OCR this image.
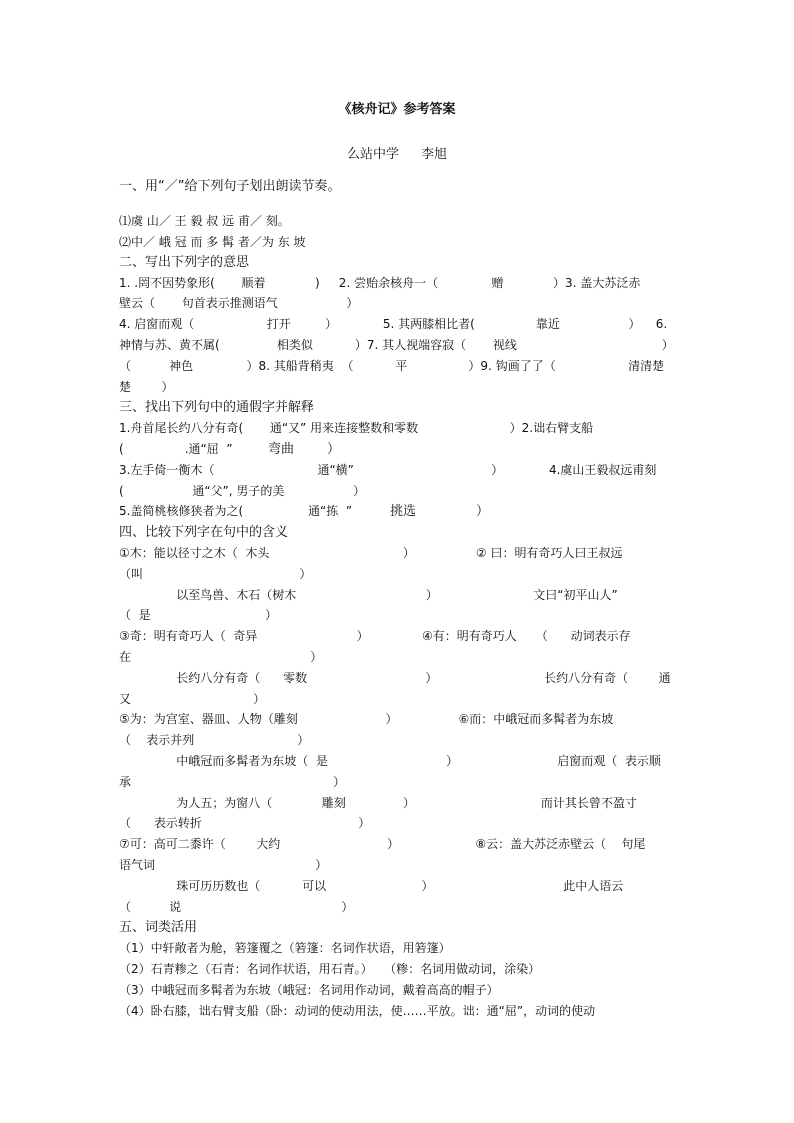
《核舟记》参考答案
么站中学 李旭
一、用“／”给下列句子划出朗读节奏。
⑴虞 山／ 王 毅 叔 远 甫／ 刻。
⑵中／ 峨 冠 而 多 髯 者／为 东 坡
二、写出下列字的意思
1. .罔不因势象形(       顺着             )     2. 尝贻余核舟一（              赠             ）3. 盖大苏泛赤
壁云（       句首表示推测语气                  ）
4. 启窗而观（                   打开         ）            5. 其两膝相比者(                靠近                  ）    6.
神情与苏、黄不属(               相类似           ）7. 其人视端容寂（       视线                                      ）
（          神色              ）8. 其船背稍夷  （           平                ）9. 钩画了了（                   清清楚
楚        ）
三、找出下列句中的通假字并解释
1.舟首尾长约八分有奇(       通“又” 用来连接整数和零数                        ）2.诎右臂支船
(                .通“屈  ”	弯曲	）
3.左手倚一衡木（                           通“横”                                    ）            4.虞山王毅叔远甫刻
(                  通“父”, 男子的美                  ）
5.盖简桃核修狭者为之(                 通“拣  ”	挑选	）
四、比较下列字在句中的含义
①木：能以径寸之木（  木头                                   ）                ② 曰：明有奇巧人曰王叔远
（叫                                         ）
以至鸟兽、木石（树木                                  ）                         文曰“初平山人”
（  是                              ）
③奇：明有奇巧人（  奇异                          ）              ④有：明有奇巧人     （      动词表示存
在                                               ）
长约八分有奇（      零数                               ）                            长约八分有奇（        通
又                                ）
⑤为：为宫室、器皿、人物（雕刻                       ）                ⑥而：中峨冠而多髯者为东坡
（    表示并列                           ）
中峨冠而多髯者为东坡（  是                               ）                          启窗而观（  表示顺
承                                                     ）
为人五；为窗八（             雕刻               ）                                 而计其长曾不盈寸
（      表示转折                                         ）
⑦可：高可二黍许（        大约                            ）                    ⑧云：盖大苏泛赤壁云（    句尾
语气词                                          ）
珠可历历数也（           可以                         ）                                  此中人语云
（          说                                          ）
五、词类活用
（1）中轩敞者为舱，箬篷覆之（箬篷：名词作状语，用箬篷）
（2）石青糁之（石青：名词作状语，用石青。）   （糁：名词用做动词，涂染）
（3）中峨冠而多髯者为东坡（峨冠：名词用作动词，戴着高高的帽子）
（4）卧右膝，诎右臂支船（卧：动词的使动用法，使……平放。诎：通“屈”，动词的使动
